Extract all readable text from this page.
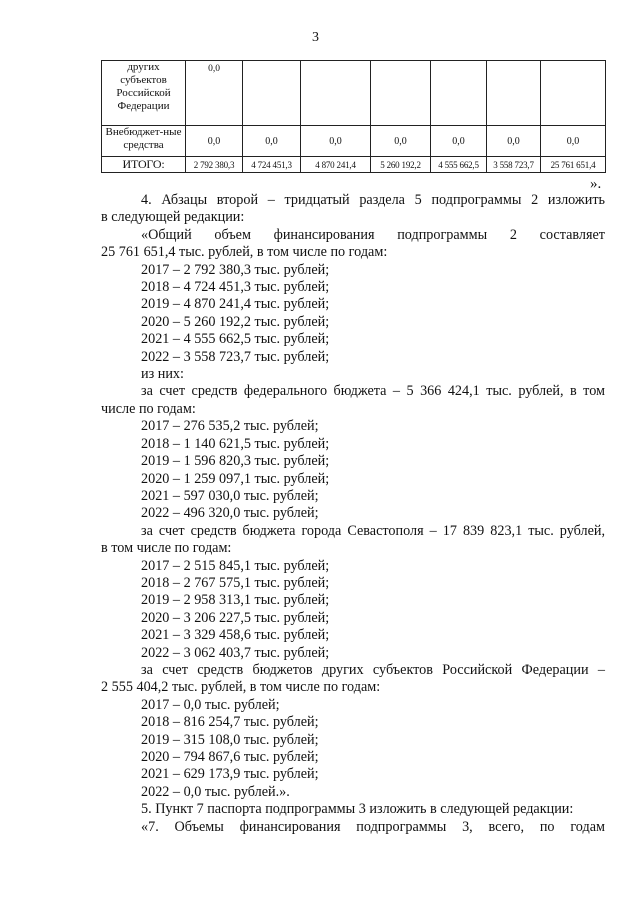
3
других субъектов Российской Федерации	0,0						
Внебюджет-ные средства	0,0	0,0	0,0	0,0	0,0	0,0	0,0
ИТОГО:	2 792 380,3	4 724 451,3	4 870 241,4	5 260 192,2	4 555 662,5	3 558 723,7	25 761 651,4
».

4. Абзацы второй – тридцатый раздела 5 подпрограммы 2 изложить

в следующей редакции:

«Общий объем финансирования подпрограммы 2 составляет

25 761 651,4 тыс. рублей, в том числе по годам:

2017 – 2 792 380,3 тыс. рублей;

2018 – 4 724 451,3 тыс. рублей;

2019 – 4 870 241,4 тыс. рублей;

2020 – 5 260 192,2 тыс. рублей;

2021 – 4 555 662,5 тыс. рублей;

2022 – 3 558 723,7 тыс. рублей;

из них:

за счет средств федерального бюджета – 5 366 424,1 тыс. рублей, в том

числе по годам:

2017 – 276 535,2 тыс. рублей;

2018 – 1 140 621,5 тыс. рублей;

2019 – 1 596 820,3 тыс. рублей;

2020 – 1 259 097,1 тыс. рублей;

2021 – 597 030,0 тыс. рублей;

2022 – 496 320,0 тыс. рублей;

за счет средств бюджета города Севастополя – 17 839 823,1 тыс. рублей,

в том числе по годам:

2017 – 2 515 845,1 тыс. рублей;

2018 – 2 767 575,1 тыс. рублей;

2019 – 2 958 313,1 тыс. рублей;

2020 – 3 206 227,5 тыс. рублей;

2021 – 3 329 458,6 тыс. рублей;

2022 – 3 062 403,7 тыс. рублей;

за счет средств бюджетов других субъектов Российской Федерации –

2 555 404,2 тыс. рублей, в том числе по годам:

2017 – 0,0 тыс. рублей;

2018 – 816 254,7 тыс. рублей;

2019 – 315 108,0 тыс. рублей;

2020 – 794 867,6 тыс. рублей;

2021 – 629 173,9 тыс. рублей;

2022 – 0,0 тыс. рублей.».

5. Пункт 7 паспорта подпрограммы 3 изложить в следующей редакции:

«7. Объемы финансирования подпрограммы 3, всего, по годам
